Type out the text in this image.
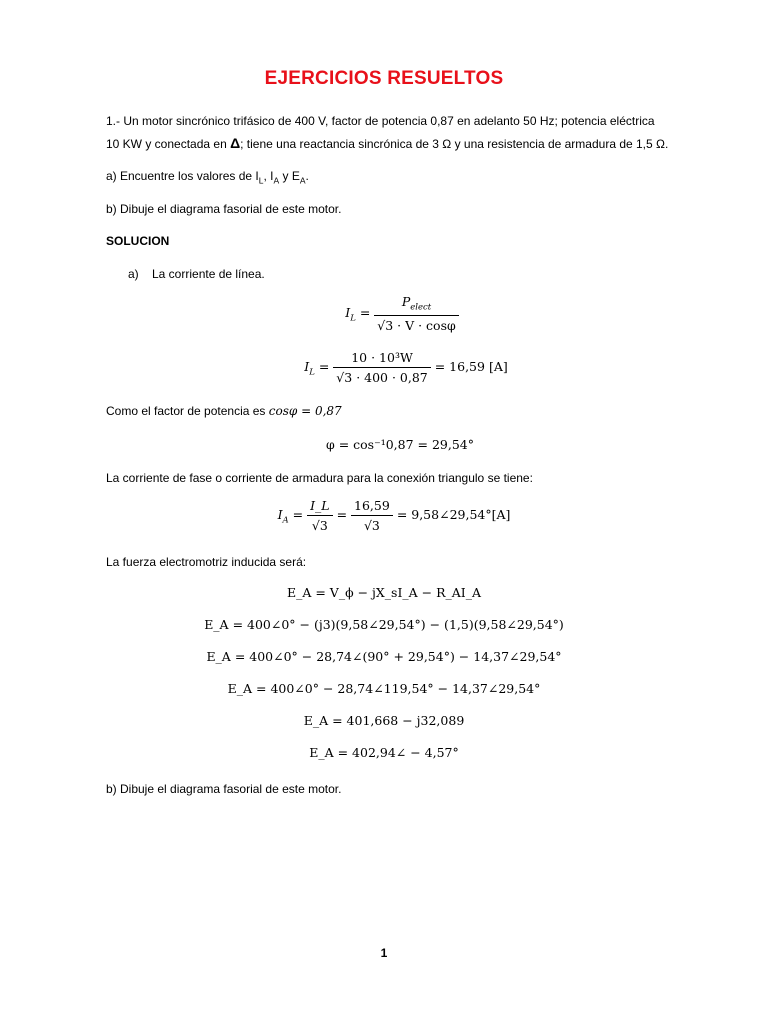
EJERCICIOS RESUELTOS
1.- Un motor sincrónico trifásico de 400 V, factor de potencia 0,87 en adelanto 50 Hz; potencia eléctrica
10 KW y conectada en Δ; tiene una reactancia sincrónica de 3 Ω y una resistencia de armadura de 1,5 Ω.
a) Encuentre los valores de $I_L$, $I_A$ y $E_A$.
b) Dibuje el diagrama fasorial de este motor.
SOLUCION
a) La corriente de línea.
$I_L = \frac{P_{elect}}{√3 \cdot V \cdot \cos\varphi}$
$I_L = \frac{\text{10 · 10³W}}{√3 \cdot 400 \cdot 0,87} = 16,59$ [A]
Como el factor de potencia es cosφ = 0,87
φ = cos⁻¹0,87 = 29,54°
La corriente de fase o corriente de armadura para la conexión triangulo se tiene:
$I_A = \frac{I\_L}{√3} = \frac{16,59}{√3}$ = 9,58∠29,54°[A]
La fuerza electromotriz inducida será:
E_A = V_ϕ − jX_sI_A − R_AI_A
E_A = 400∠0° − (j3)(9,58∠29,54°) − (1,5)(9,58∠29,54°)
E_A = 400∠0° − 28,74∠(90° + 29,54°) − 14,37∠29,54°
E_A = 400∠0° − 28,74∠119,54° − 14,37∠29,54°
E_A = 401,668 − j32,089
E_A = 402,94∠ − 4,57°
b) Dibuje el diagrama fasorial de este motor.
1
